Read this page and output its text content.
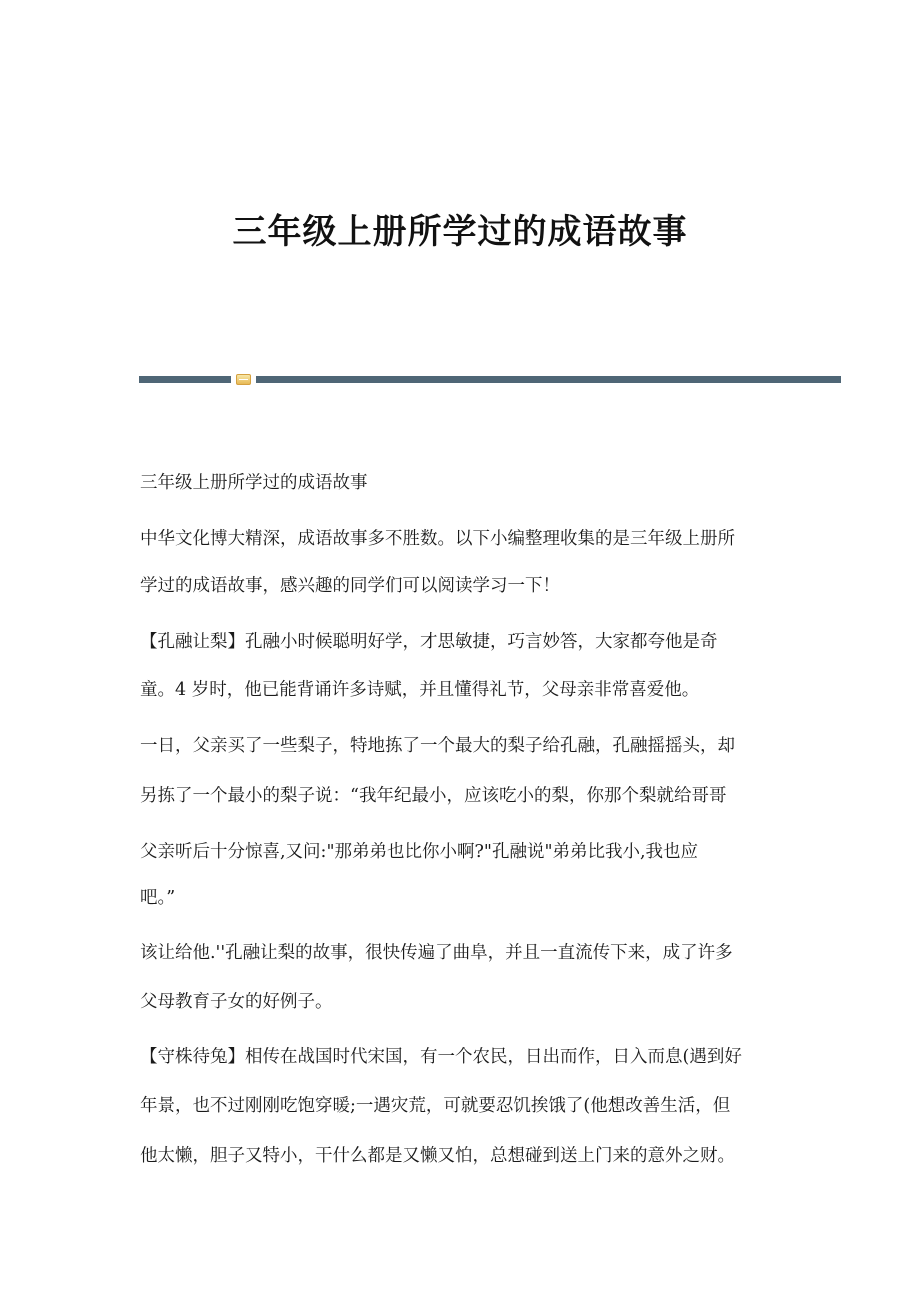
三年级上册所学过的成语故事
三年级上册所学过的成语故事
中华文化博大精深，成语故事多不胜数。以下小编整理收集的是三年级上册所
学过的成语故事，感兴趣的同学们可以阅读学习一下！
【孔融让梨】孔融小时候聪明好学，才思敏捷，巧言妙答，大家都夸他是奇
童。4 岁时，他已能背诵许多诗赋，并且懂得礼节，父母亲非常喜爱他。
一日，父亲买了一些梨子，特地拣了一个最大的梨子给孔融，孔融摇摇头，却
另拣了一个最小的梨子说：“我年纪最小，应该吃小的梨，你那个梨就给哥哥
父亲听后十分惊喜,又问:"那弟弟也比你小啊?"孔融说"弟弟比我小,我也应
吧。”
该让给他.''孔融让梨的故事，很快传遍了曲阜，并且一直流传下来，成了许多
父母教育子女的好例子。
【守株待兔】相传在战国时代宋国，有一个农民，日出而作，日入而息(遇到好
年景，也不过刚刚吃饱穿暖;一遇灾荒，可就要忍饥挨饿了(他想改善生活，但
他太懒，胆子又特小，干什么都是又懒又怕，总想碰到送上门来的意外之财。
